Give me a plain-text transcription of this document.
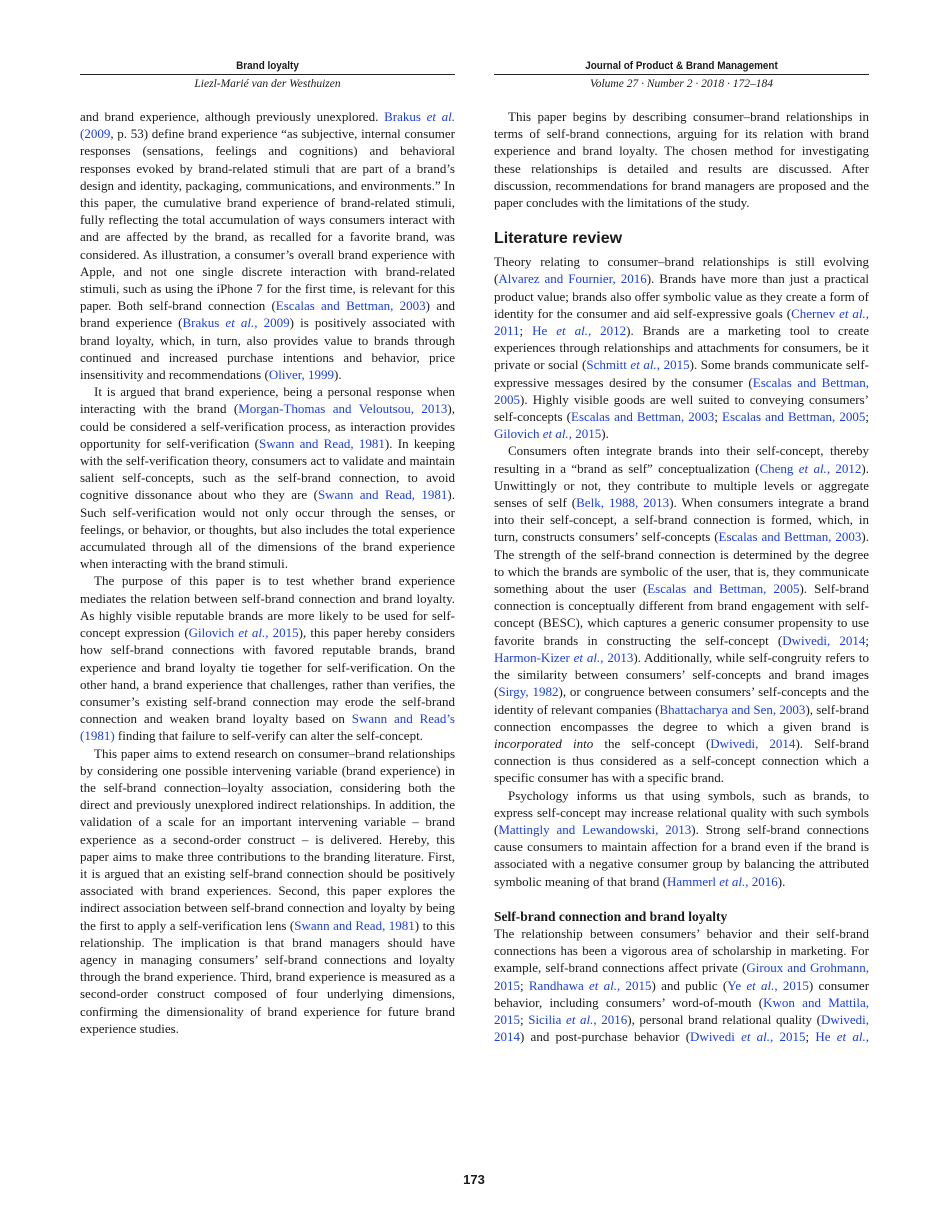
Brand loyalty
Liezl-Marié van der Westhuizen
Journal of Product & Brand Management
Volume 27 · Number 2 · 2018 · 172–184

and brand experience, although previously unexplored. Brakus et al. (2009, p. 53) define brand experience “as subjective, internal consumer responses (sensations, feelings and cognitions) and behavioral responses evoked by brand-related stimuli that are part of a brand’s design and identity, packaging, communications, and environments.” In this paper, the cumulative brand experience of brand-related stimuli, fully reflecting the total accumulation of ways consumers interact with and are affected by the brand, as recalled for a favorite brand, was considered. As illustration, a consumer’s overall brand experience with Apple, and not one single discrete interaction with brand-related stimuli, such as using the iPhone 7 for the first time, is relevant for this paper. Both self-brand connection (Escalas and Bettman, 2003) and brand experience (Brakus et al., 2009) is positively associated with brand loyalty, which, in turn, also provides value to brands through continued and increased purchase intentions and behavior, price insensitivity and recommendations (Oliver, 1999).

It is argued that brand experience, being a personal response when interacting with the brand (Morgan-Thomas and Veloutsou, 2013), could be considered a self-verification process, as interaction provides opportunity for self-verification (Swann and Read, 1981). In keeping with the self-verification theory, consumers act to validate and maintain salient self-concepts, such as the self-brand connection, to avoid cognitive dissonance about who they are (Swann and Read, 1981). Such self-verification would not only occur through the senses, or feelings, or behavior, or thoughts, but also includes the total experience accumulated through all of the dimensions of the brand experience when interacting with the brand stimuli.

The purpose of this paper is to test whether brand experience mediates the relation between self-brand connection and brand loyalty. As highly visible reputable brands are more likely to be used for self-concept expression (Gilovich et al., 2015), this paper hereby considers how self-brand connections with favored reputable brands, brand experience and brand loyalty tie together for self-verification. On the other hand, a brand experience that challenges, rather than verifies, the consumer’s existing self-brand connection may erode the self-brand connection and weaken brand loyalty based on Swann and Read’s (1981) finding that failure to self-verify can alter the self-concept.

This paper aims to extend research on consumer–brand relationships by considering one possible intervening variable (brand experience) in the self-brand connection–loyalty association, considering both the direct and previously unexplored indirect relationships. In addition, the validation of a scale for an important intervening variable – brand experience as a second-order construct – is delivered. Hereby, this paper aims to make three contributions to the branding literature. First, it is argued that an existing self-brand connection should be positively associated with brand experiences. Second, this paper explores the indirect association between self-brand connection and loyalty by being the first to apply a self-verification lens (Swann and Read, 1981) to this relationship. The implication is that brand managers should have agency in managing consumers’ self-brand connections and loyalty through the brand experience. Third, brand experience is measured as a second-order construct composed of four underlying dimensions, confirming the dimensionality of brand experience for future brand experience studies.

This paper begins by describing consumer–brand relationships in terms of self-brand connections, arguing for its relation with brand experience and brand loyalty. The chosen method for investigating these relationships is detailed and results are discussed. After discussion, recommendations for brand managers are proposed and the paper concludes with the limitations of the study.

Literature review

Theory relating to consumer–brand relationships is still evolving (Alvarez and Fournier, 2016). Brands have more than just a practical product value; brands also offer symbolic value as they create a form of identity for the consumer and aid self-expressive goals (Chernev et al., 2011; He et al., 2012). Brands are a marketing tool to create experiences through relationships and attachments for consumers, be it private or social (Schmitt et al., 2015). Some brands communicate self-expressive messages desired by the consumer (Escalas and Bettman, 2005). Highly visible goods are well suited to conveying consumers’ self-concepts (Escalas and Bettman, 2003; Escalas and Bettman, 2005; Gilovich et al., 2015).

Consumers often integrate brands into their self-concept, thereby resulting in a “brand as self” conceptualization (Cheng et al., 2012). Unwittingly or not, they contribute to multiple levels or aggregate senses of self (Belk, 1988, 2013). When consumers integrate a brand into their self-concept, a self-brand connection is formed, which, in turn, constructs consumers’ self-concepts (Escalas and Bettman, 2003). The strength of the self-brand connection is determined by the degree to which the brands are symbolic of the user, that is, they communicate something about the user (Escalas and Bettman, 2005). Self-brand connection is conceptually different from brand engagement with self-concept (BESC), which captures a generic consumer propensity to use favorite brands in constructing the self-concept (Dwivedi, 2014; Harmon-Kizer et al., 2013). Additionally, while self-congruity refers to the similarity between consumers’ self-concepts and brand images (Sirgy, 1982), or congruence between consumers’ self-concepts and the identity of relevant companies (Bhattacharya and Sen, 2003), self-brand connection encompasses the degree to which a given brand is incorporated into the self-concept (Dwivedi, 2014). Self-brand connection is thus considered as a self-concept connection which a specific consumer has with a specific brand.

Psychology informs us that using symbols, such as brands, to express self-concept may increase relational quality with such symbols (Mattingly and Lewandowski, 2013). Strong self-brand connections cause consumers to maintain affection for a brand even if the brand is associated with a negative consumer group by balancing the attributed symbolic meaning of that brand (Hammerl et al., 2016).

Self-brand connection and brand loyalty

The relationship between consumers’ behavior and their self-brand connections has been a vigorous area of scholarship in marketing. For example, self-brand connections affect private (Giroux and Grohmann, 2015; Randhawa et al., 2015) and public (Ye et al., 2015) consumer behavior, including consumers’ word-of-mouth (Kwon and Mattila, 2015; Sicilia et al., 2016), personal brand relational quality (Dwivedi, 2014) and post-purchase behavior (Dwivedi et al., 2015; He et al.,

173
